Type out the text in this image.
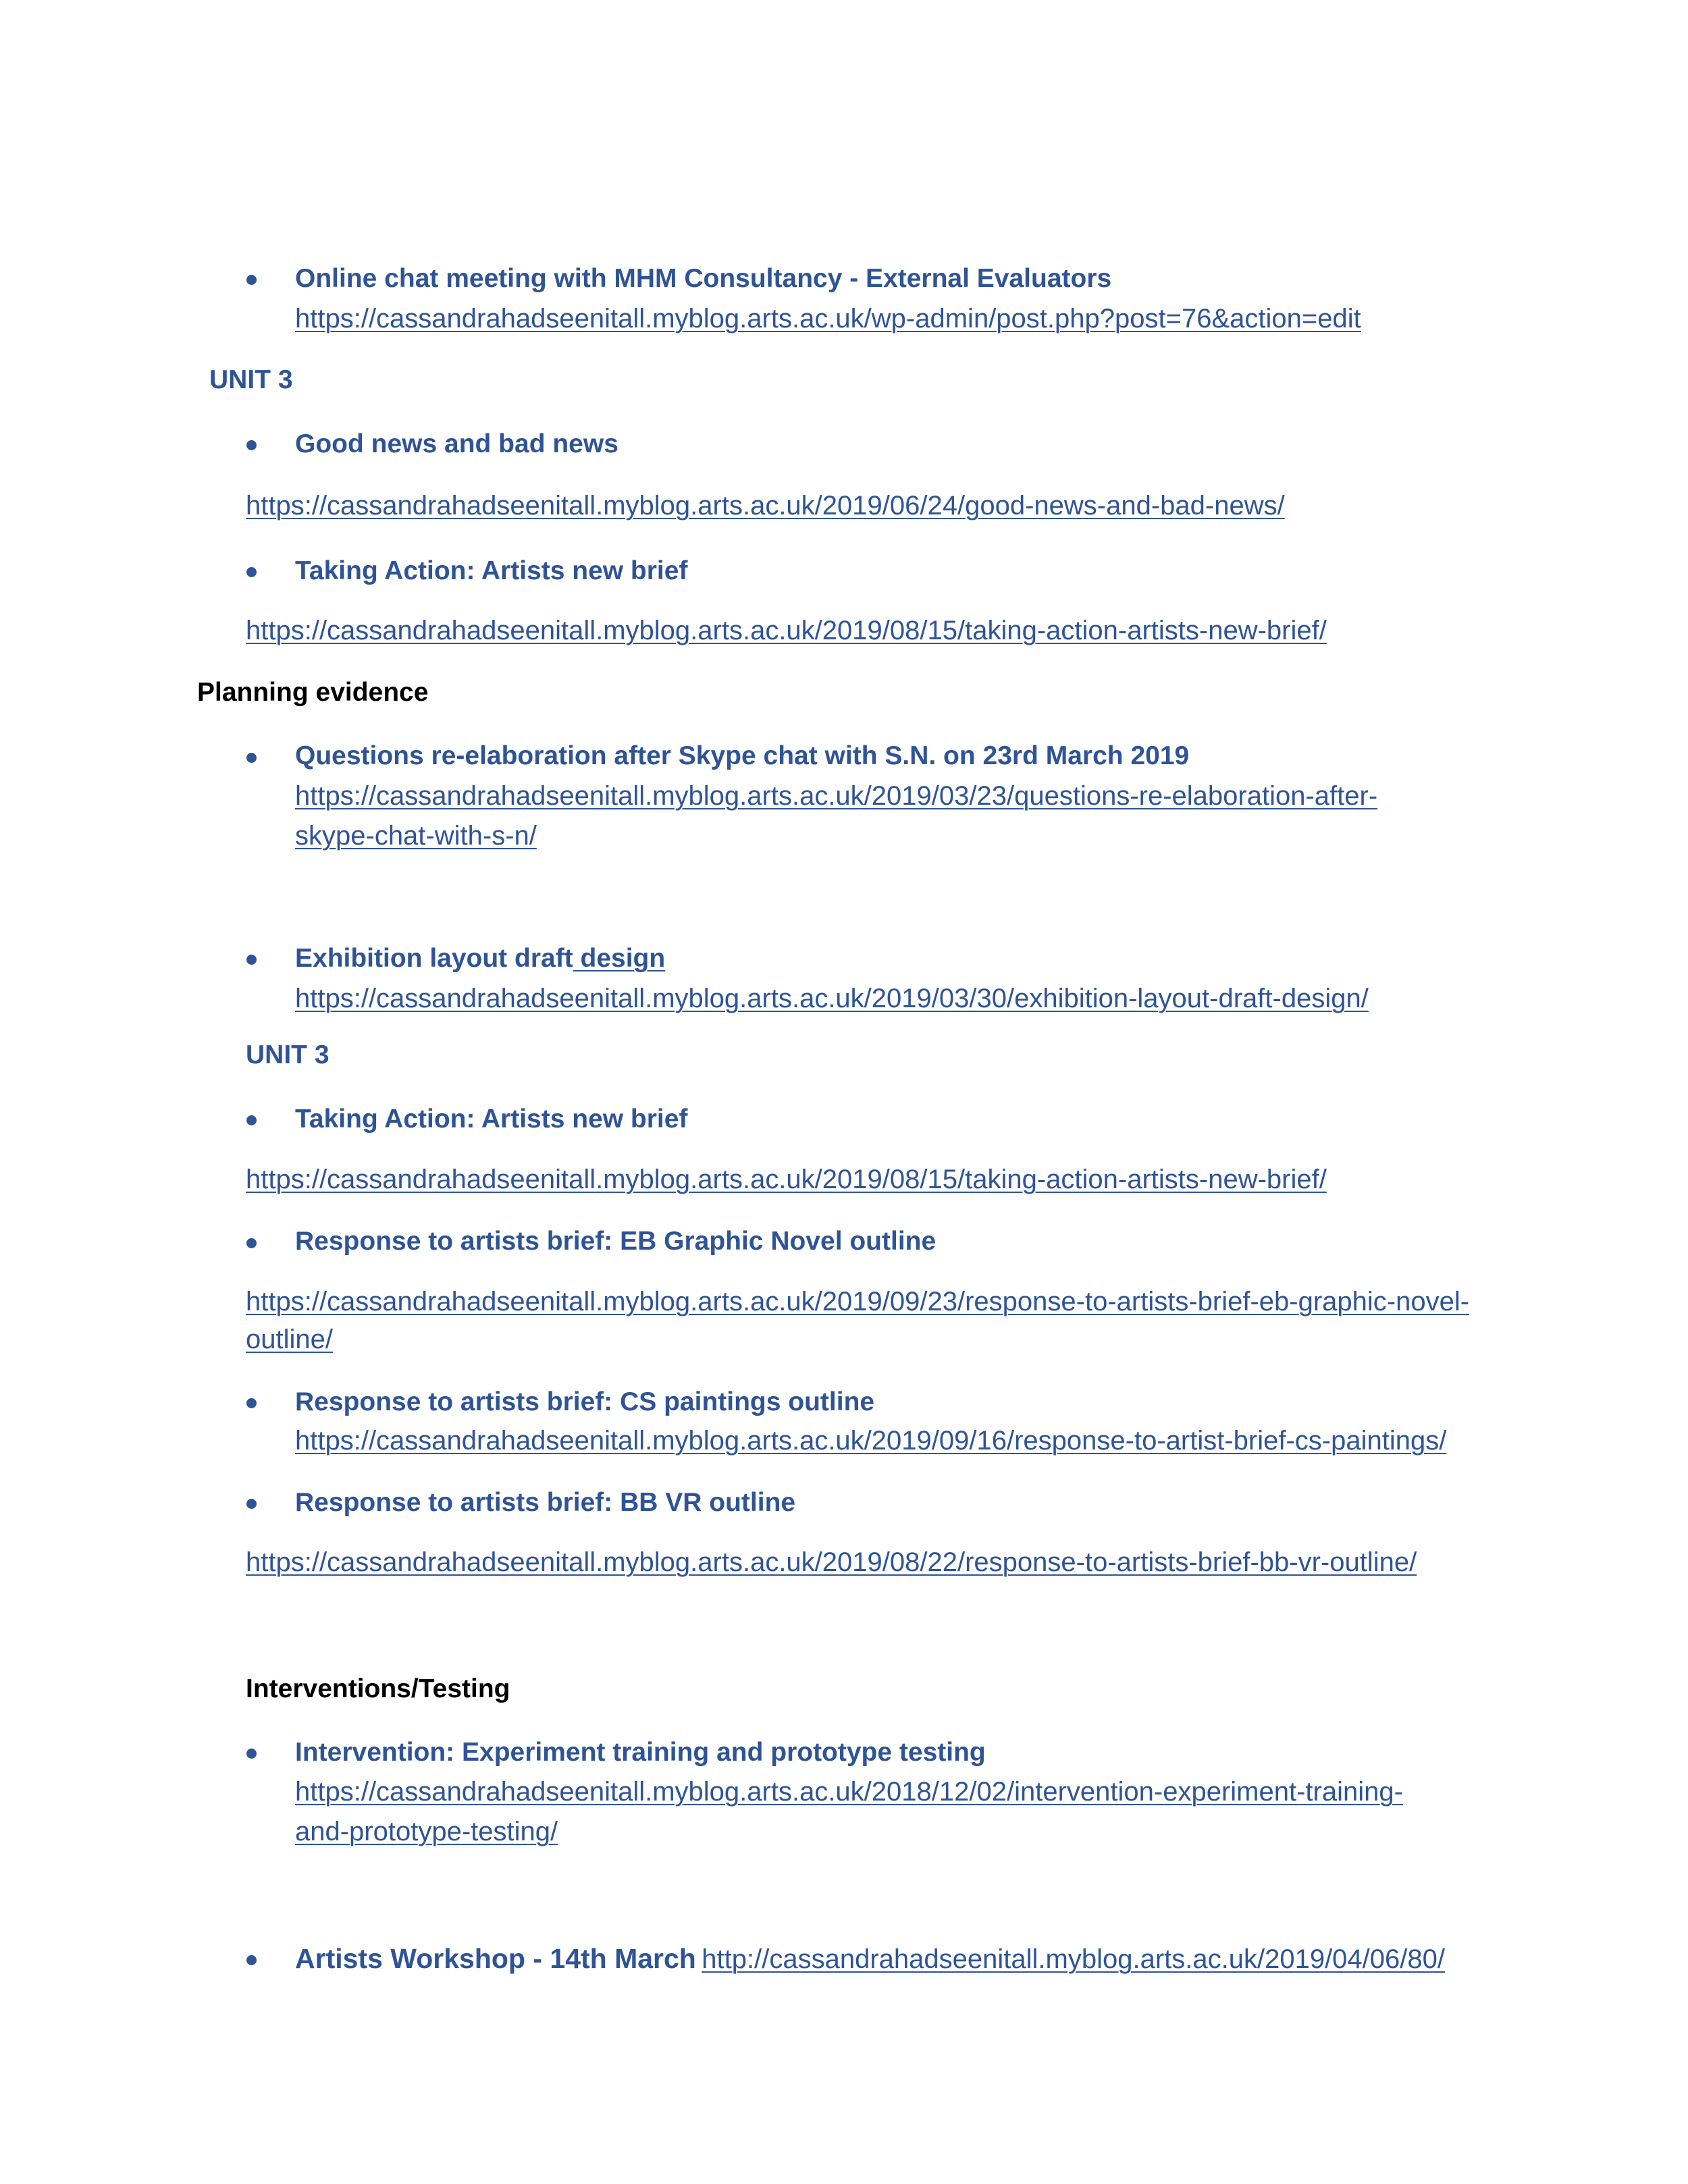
Online chat meeting with MHM Consultancy - External Evaluators
https://cassandrahadseenitall.myblog.arts.ac.uk/wp-admin/post.php?post=76&action=edit
UNIT 3
Good news and bad news
https://cassandrahadseenitall.myblog.arts.ac.uk/2019/06/24/good-news-and-bad-news/
Taking Action: Artists new brief
https://cassandrahadseenitall.myblog.arts.ac.uk/2019/08/15/taking-action-artists-new-brief/
Planning evidence
Questions re-elaboration after Skype chat with S.N. on 23rd March 2019
https://cassandrahadseenitall.myblog.arts.ac.uk/2019/03/23/questions-re-elaboration-after-
skype-chat-with-s-n/
Exhibition layout draft design
https://cassandrahadseenitall.myblog.arts.ac.uk/2019/03/30/exhibition-layout-draft-design/
UNIT 3
Taking Action: Artists new brief
https://cassandrahadseenitall.myblog.arts.ac.uk/2019/08/15/taking-action-artists-new-brief/
Response to artists brief: EB Graphic Novel outline
https://cassandrahadseenitall.myblog.arts.ac.uk/2019/09/23/response-to-artists-brief-eb-graphic-novel-
outline/
Response to artists brief: CS paintings outline
https://cassandrahadseenitall.myblog.arts.ac.uk/2019/09/16/response-to-artist-brief-cs-paintings/
Response to artists brief: BB VR outline
https://cassandrahadseenitall.myblog.arts.ac.uk/2019/08/22/response-to-artists-brief-bb-vr-outline/
Interventions/Testing
Intervention: Experiment training and prototype testing
https://cassandrahadseenitall.myblog.arts.ac.uk/2018/12/02/intervention-experiment-training-
and-prototype-testing/
Artists Workshop - 14th March http://cassandrahadseenitall.myblog.arts.ac.uk/2019/04/06/80/
